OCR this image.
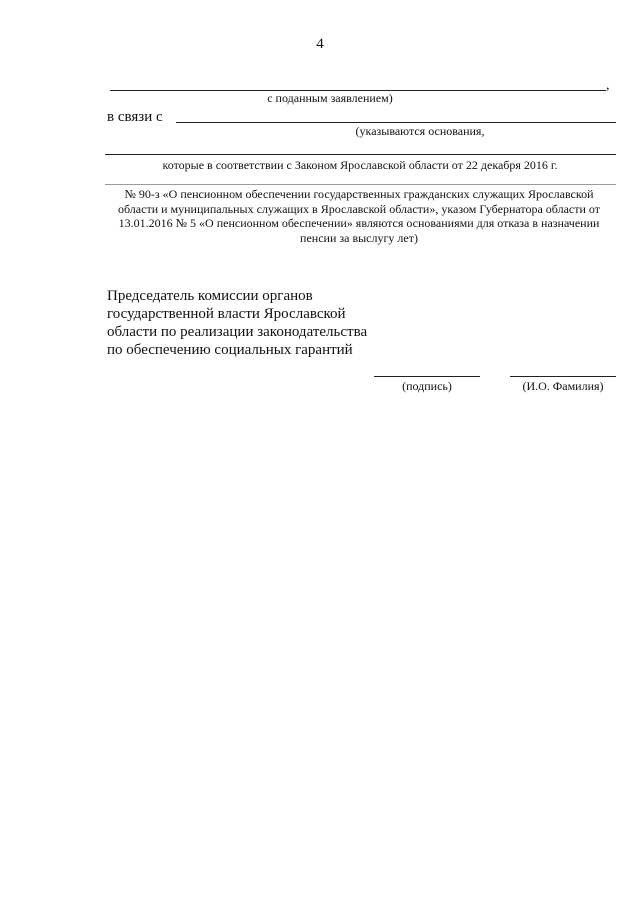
4
,
с поданным заявлением)
в связи с
(указываются основания,
которые в соответствии с Законом Ярославской области от 22 декабря 2016 г.
№ 90-з «О пенсионном обеспечении государственных гражданских служащих Ярославской области и муниципальных служащих в Ярославской области», указом Губернатора области от 13.01.2016 № 5 «О пенсионном обеспечении» являются основаниями для отказа в назначении пенсии за выслугу лет)
Председатель комиссии органов государственной власти Ярославской области по реализации законодательства по обеспечению социальных гарантий
(подпись)	(И.О. Фамилия)
